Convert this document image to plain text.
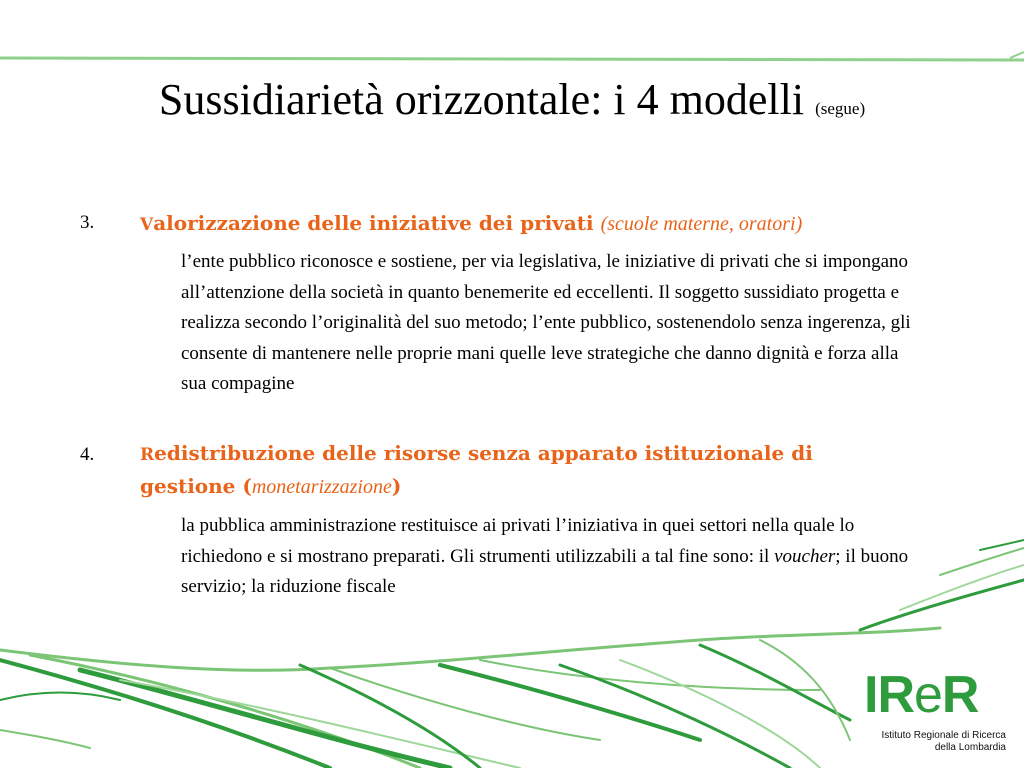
Sussidiarietà orizzontale: i 4 modelli (segue)
3.	Valorizzazione delle iniziative dei privati (scuole materne, oratori)
l’ente pubblico riconosce e sostiene, per via legislativa, le iniziative di privati che si impongano all’attenzione della società in quanto benemerite ed eccellenti. Il soggetto sussidiato progetta e realizza secondo l’originalità del suo metodo; l’ente pubblico, sostenendolo senza ingerenza, gli consente di mantenere nelle proprie mani quelle leve strategiche che danno dignità e forza alla sua compagine
4.	Redistribuzione delle risorse senza apparato istituzionale di gestione (monetarizzazione)
la pubblica amministrazione restituisce ai privati l’iniziativa in quei settori nella quale lo richiedono e si mostrano preparati. Gli strumenti utilizzabili a tal fine sono: il voucher; il buono servizio; la riduzione fiscale
IReR
Istituto Regionale di Ricerca
della Lombardia
